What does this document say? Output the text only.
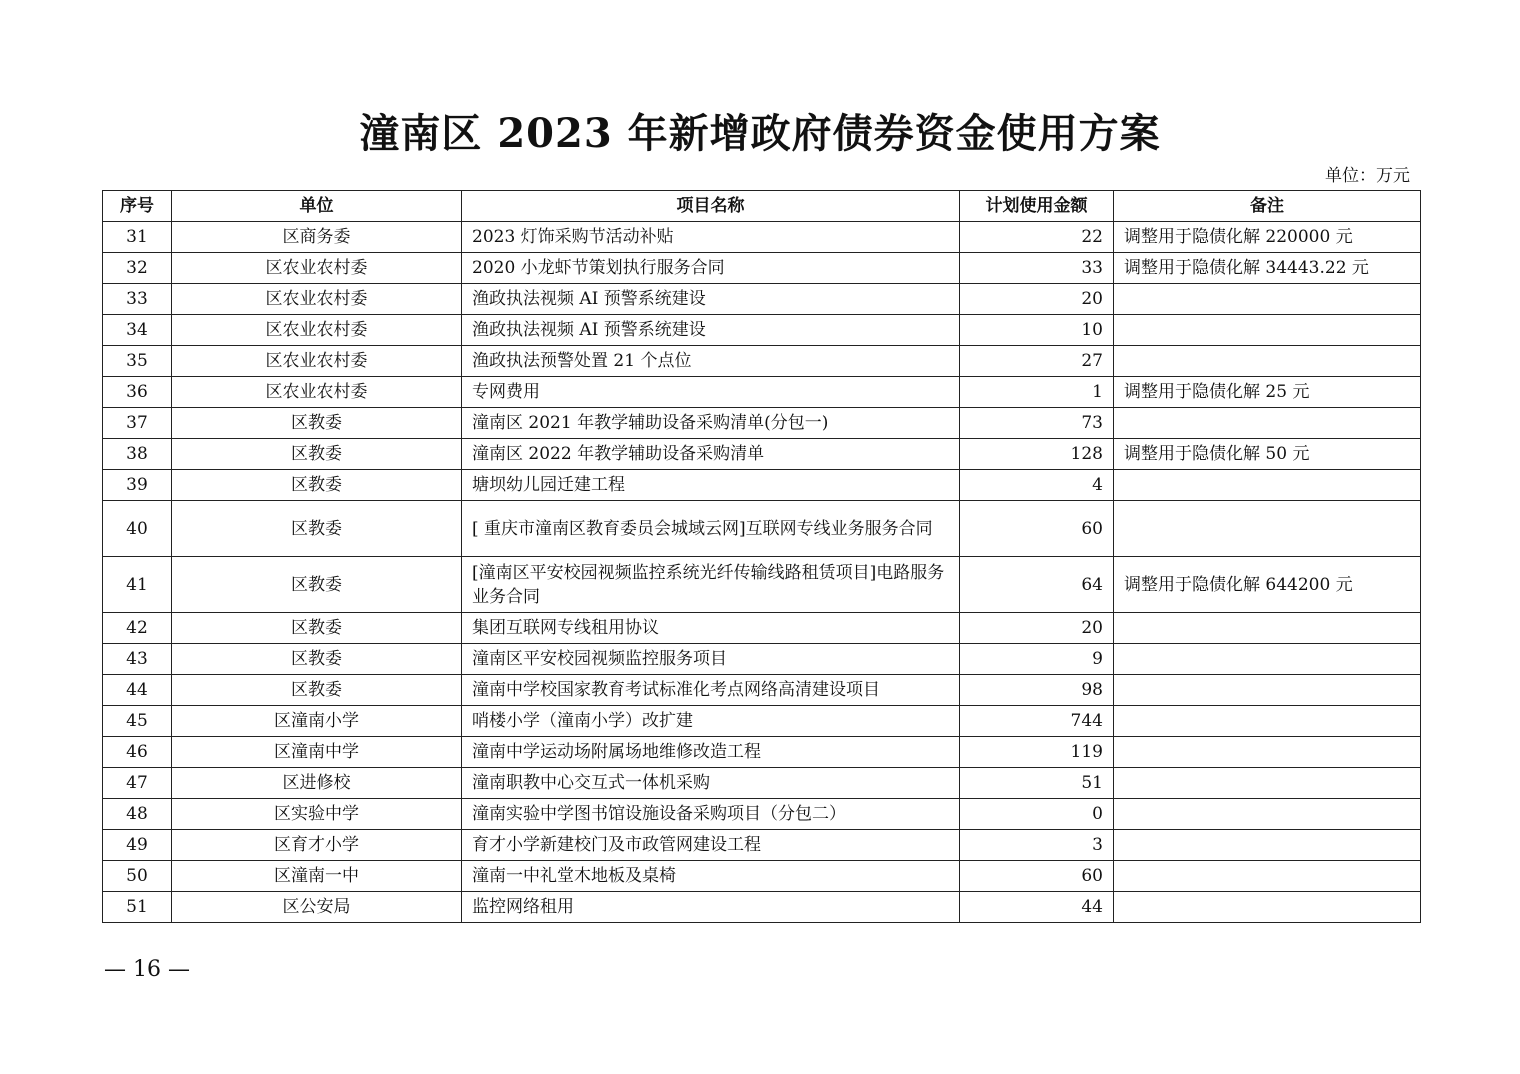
潼南区 2023 年新增政府债券资金使用方案
单位：万元
序号	单位	项目名称	计划使用金额	备注
31	区商务委	2023 灯饰采购节活动补贴	22	调整用于隐债化解 220000 元
32	区农业农村委	2020 小龙虾节策划执行服务合同	33	调整用于隐债化解 34443.22 元
33	区农业农村委	渔政执法视频 AI 预警系统建设	20	
34	区农业农村委	渔政执法视频 AI 预警系统建设	10	
35	区农业农村委	渔政执法预警处置 21 个点位	27	
36	区农业农村委	专网费用	1	调整用于隐债化解 25 元
37	区教委	潼南区 2021 年教学辅助设备采购清单(分包一)	73	
38	区教委	潼南区 2022 年教学辅助设备采购清单	128	调整用于隐债化解 50 元
39	区教委	塘坝幼儿园迁建工程	4	
40	区教委	[ 重庆市潼南区教育委员会城域云网]互联网专线业务服务合同	60	
41	区教委	[潼南区平安校园视频监控系统光纤传输线路租赁项目]电路服务业务合同	64	调整用于隐债化解 644200 元
42	区教委	集团互联网专线租用协议	20	
43	区教委	潼南区平安校园视频监控服务项目	9	
44	区教委	潼南中学校国家教育考试标准化考点网络高清建设项目	98	
45	区潼南小学	哨楼小学（潼南小学）改扩建	744	
46	区潼南中学	潼南中学运动场附属场地维修改造工程	119	
47	区进修校	潼南职教中心交互式一体机采购	51	
48	区实验中学	潼南实验中学图书馆设施设备采购项目（分包二）	0	
49	区育才小学	育才小学新建校门及市政管网建设工程	3	
50	区潼南一中	潼南一中礼堂木地板及桌椅	60	
51	区公安局	监控网络租用	44	
— 16 —
